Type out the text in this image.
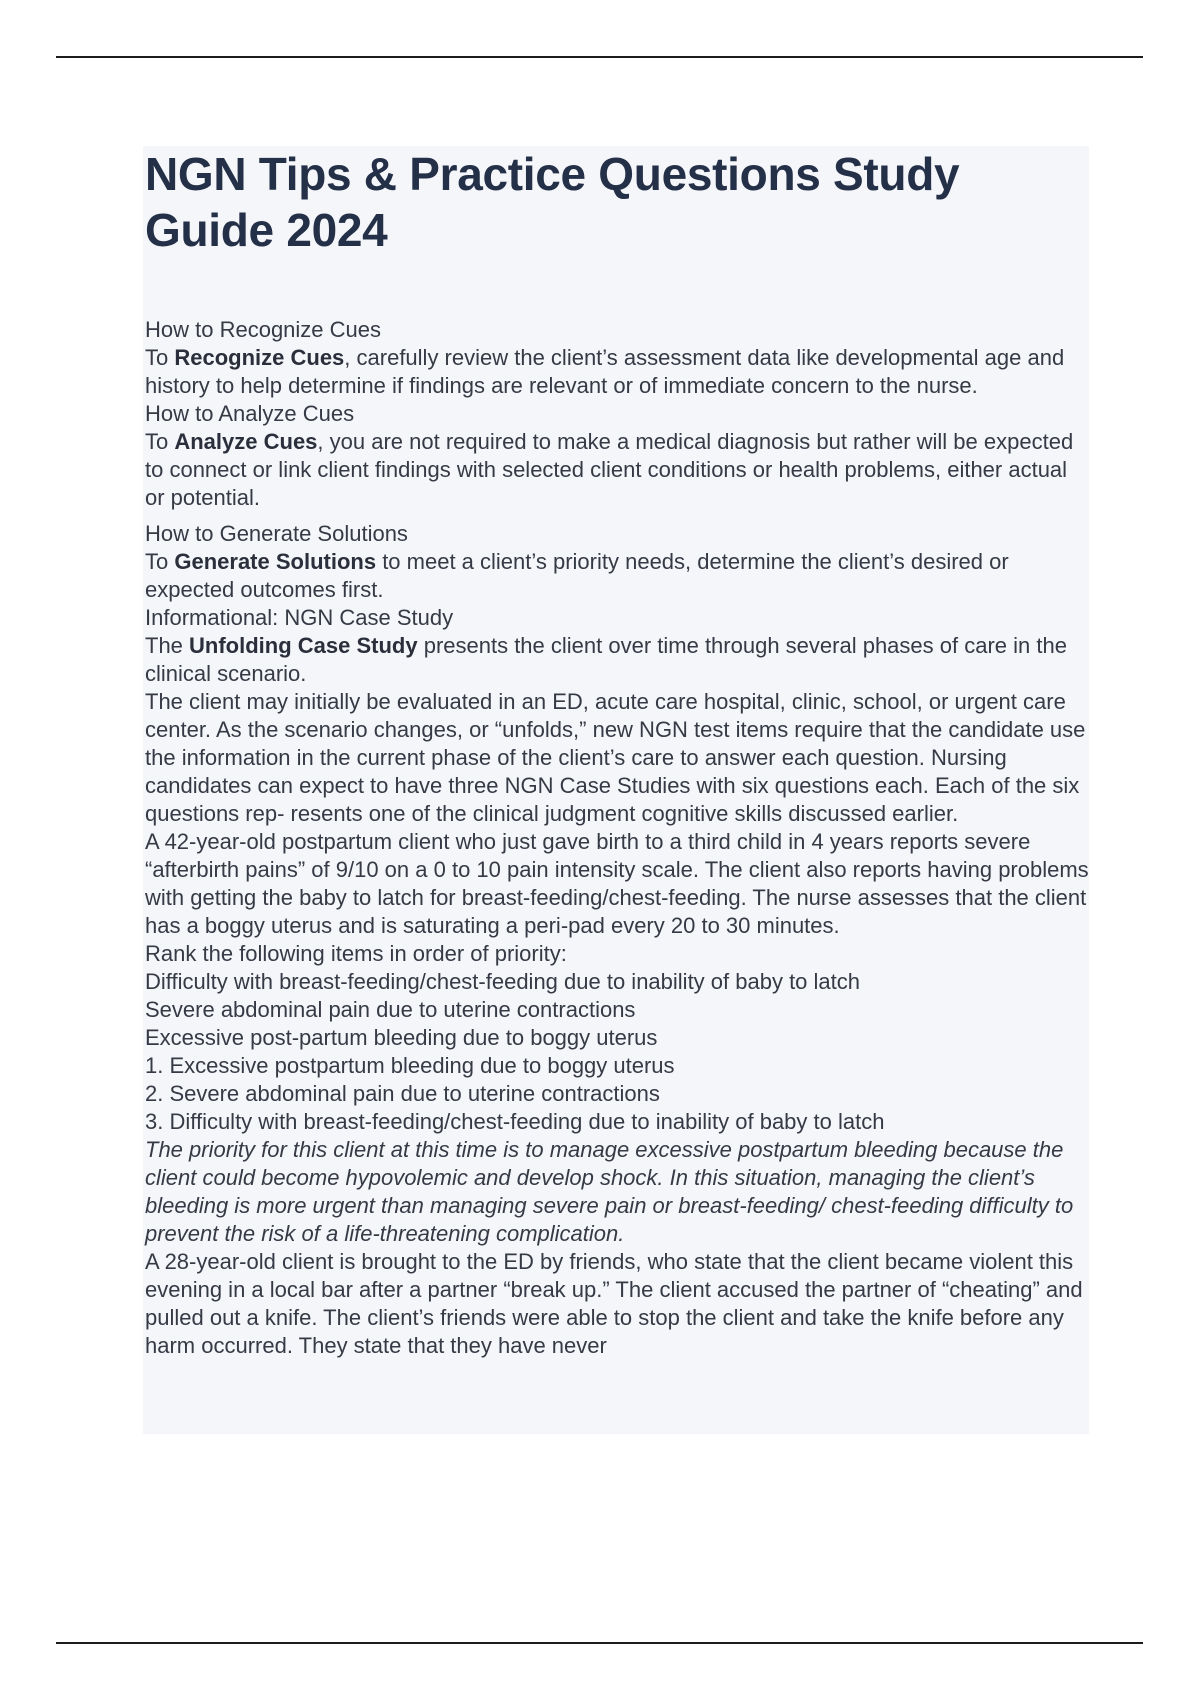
NGN Tips & Practice Questions Study Guide 2024

How to Recognize Cues

To Recognize Cues, carefully review the client’s assessment data like developmental age and history to help determine if findings are relevant or of immediate concern to the nurse.

How to Analyze Cues

To Analyze Cues, you are not required to make a medical diagnosis but rather will be expected to connect or link client findings with selected client conditions or health problems, either actual or potential.

How to Generate Solutions

To Generate Solutions to meet a client’s priority needs, determine the client’s desired or expected outcomes first.

Informational: NGN Case Study

The Unfolding Case Study presents the client over time through several phases of care in the clinical scenario.

The client may initially be evaluated in an ED, acute care hospital, clinic, school, or urgent care center. As the scenario changes, or “unfolds,” new NGN test items require that the candidate use the information in the current phase of the client’s care to answer each question. Nursing candidates can expect to have three NGN Case Studies with six questions each. Each of the six questions rep- resents one of the clinical judgment cognitive skills discussed earlier.

A 42-year-old postpartum client who just gave birth to a third child in 4 years reports severe “afterbirth pains” of 9/10 on a 0 to 10 pain intensity scale. The client also reports having problems with getting the baby to latch for breast-feeding/chest-feeding. The nurse assesses that the client has a boggy uterus and is saturating a peri-pad every 20 to 30 minutes.

Rank the following items in order of priority:

Difficulty with breast-feeding/chest-feeding due to inability of baby to latch

Severe abdominal pain due to uterine contractions

Excessive post-partum bleeding due to boggy uterus

1. Excessive postpartum bleeding due to boggy uterus

2. Severe abdominal pain due to uterine contractions

3. Difficulty with breast-feeding/chest-feeding due to inability of baby to latch

The priority for this client at this time is to manage excessive postpartum bleeding because the client could become hypovolemic and develop shock. In this situation, managing the client’s bleeding is more urgent than managing severe pain or breast-feeding/ chest-feeding difficulty to prevent the risk of a life-threatening complication.

A 28-year-old client is brought to the ED by friends, who state that the client became violent this evening in a local bar after a partner “break up.” The client accused the partner of “cheating” and pulled out a knife. The client’s friends were able to stop the client and take the knife before any harm occurred. They state that they have never
